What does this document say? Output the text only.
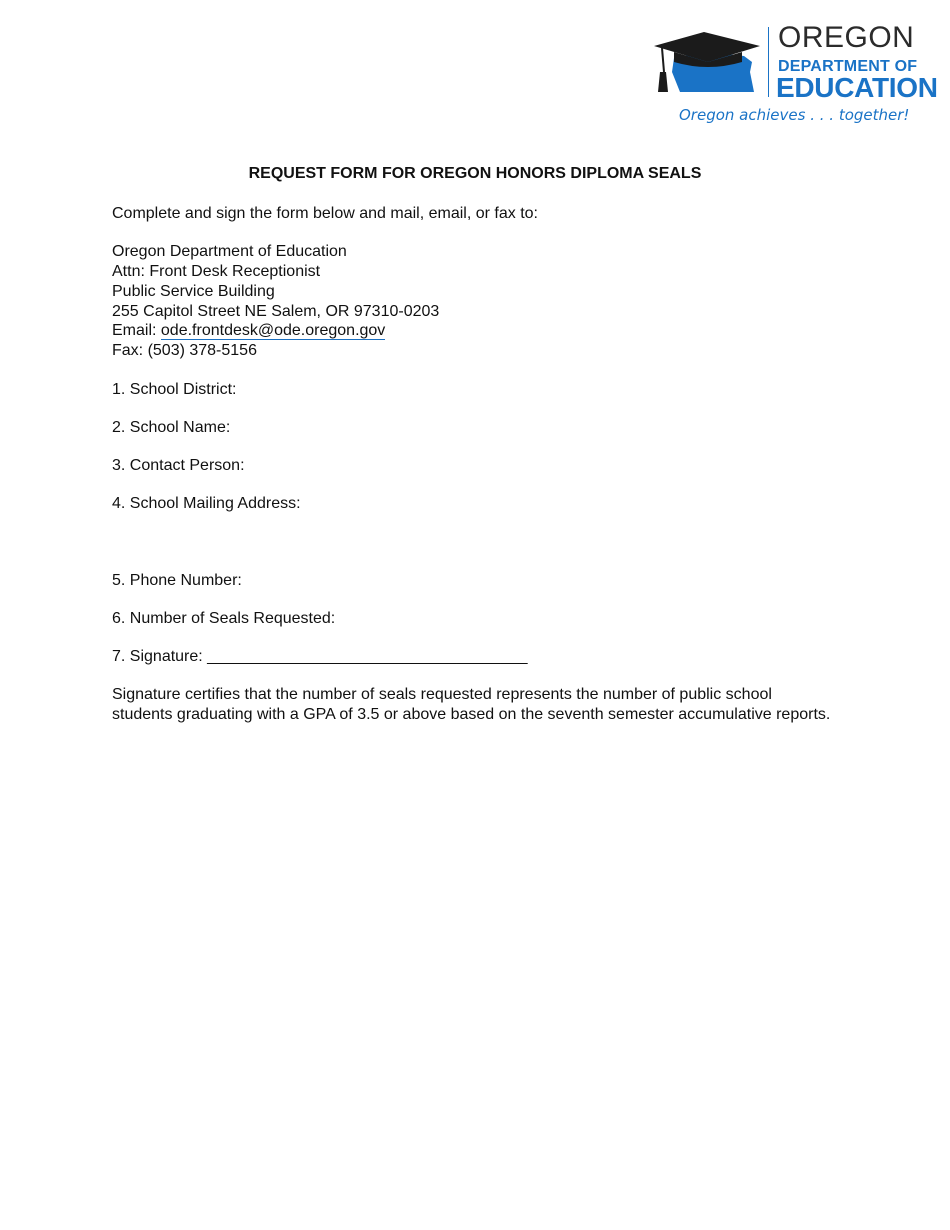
OREGON
DEPARTMENT OF
EDUCATION
Oregon achieves . . . together!
REQUEST FORM FOR OREGON HONORS DIPLOMA SEALS
Complete and sign the form below and mail, email, or fax to:
Oregon Department of Education
Attn: Front Desk Receptionist
Public Service Building
255 Capitol Street NE Salem, OR 97310-0203
Email: ode.frontdesk@ode.oregon.gov
Fax: (503) 378-5156
1. School District:
2. School Name:
3. Contact Person:
4. School Mailing Address:
5. Phone Number:
6. Number of Seals Requested:
7. Signature: ____________________________________
Signature certifies that the number of seals requested represents the number of public school students graduating with a GPA of 3.5 or above based on the seventh semester accumulative reports.
